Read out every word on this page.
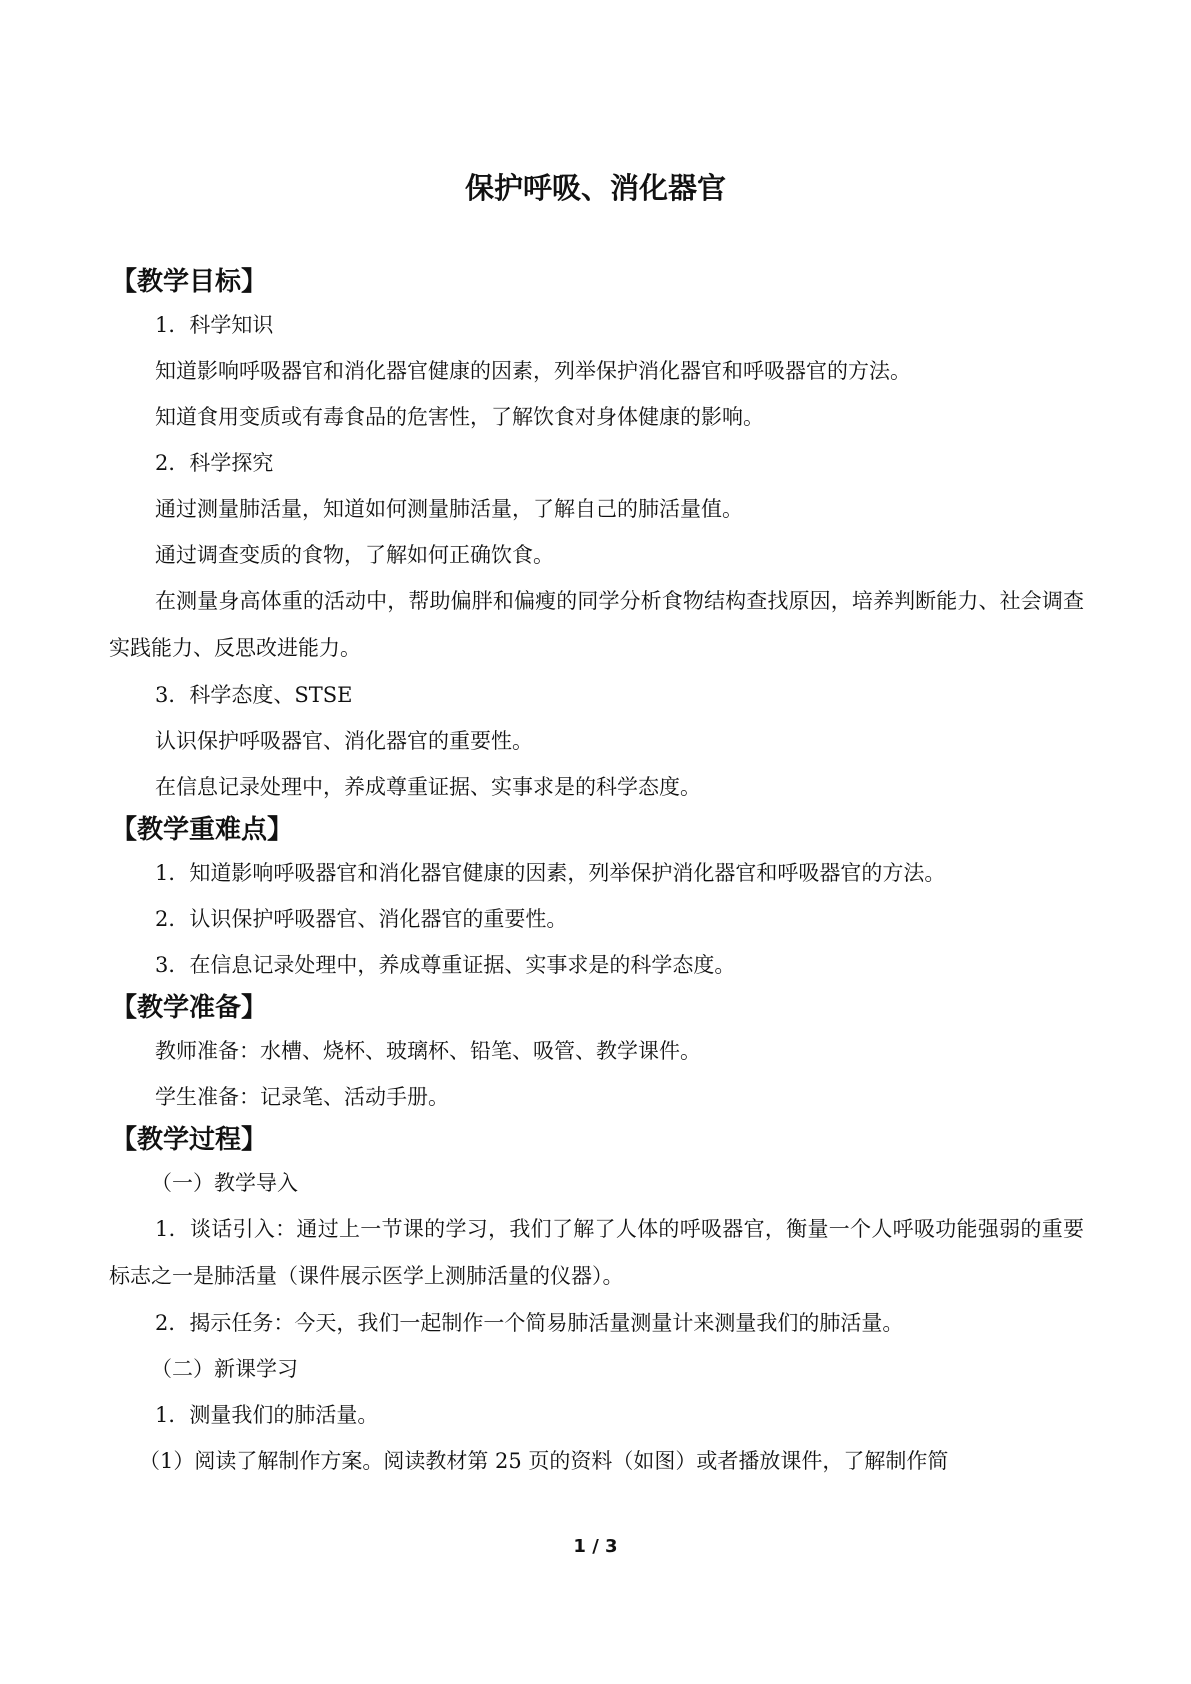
保护呼吸、消化器官
【教学目标】

1．科学知识

知道影响呼吸器官和消化器官健康的因素，列举保护消化器官和呼吸器官的方法。

知道食用变质或有毒食品的危害性，了解饮食对身体健康的影响。

2．科学探究

通过测量肺活量，知道如何测量肺活量，了解自己的肺活量值。

通过调查变质的食物，了解如何正确饮食。

在测量身高体重的活动中，帮助偏胖和偏瘦的同学分析食物结构查找原因，培养判断能力、社会调查实践能力、反思改进能力。

3．科学态度、STSE

认识保护呼吸器官、消化器官的重要性。

在信息记录处理中，养成尊重证据、实事求是的科学态度。

【教学重难点】

1．知道影响呼吸器官和消化器官健康的因素，列举保护消化器官和呼吸器官的方法。

2．认识保护呼吸器官、消化器官的重要性。

3．在信息记录处理中，养成尊重证据、实事求是的科学态度。

【教学准备】

教师准备：水槽、烧杯、玻璃杯、铅笔、吸管、教学课件。

学生准备：记录笔、活动手册。

【教学过程】

（一）教学导入

1．谈话引入：通过上一节课的学习，我们了解了人体的呼吸器官，衡量一个人呼吸功能强弱的重要标志之一是肺活量（课件展示医学上测肺活量的仪器）。

2．揭示任务：今天，我们一起制作一个简易肺活量测量计来测量我们的肺活量。

（二）新课学习

1．测量我们的肺活量。

（1）阅读了解制作方案。阅读教材第 25 页的资料（如图）或者播放课件，了解制作简

1 / 3
